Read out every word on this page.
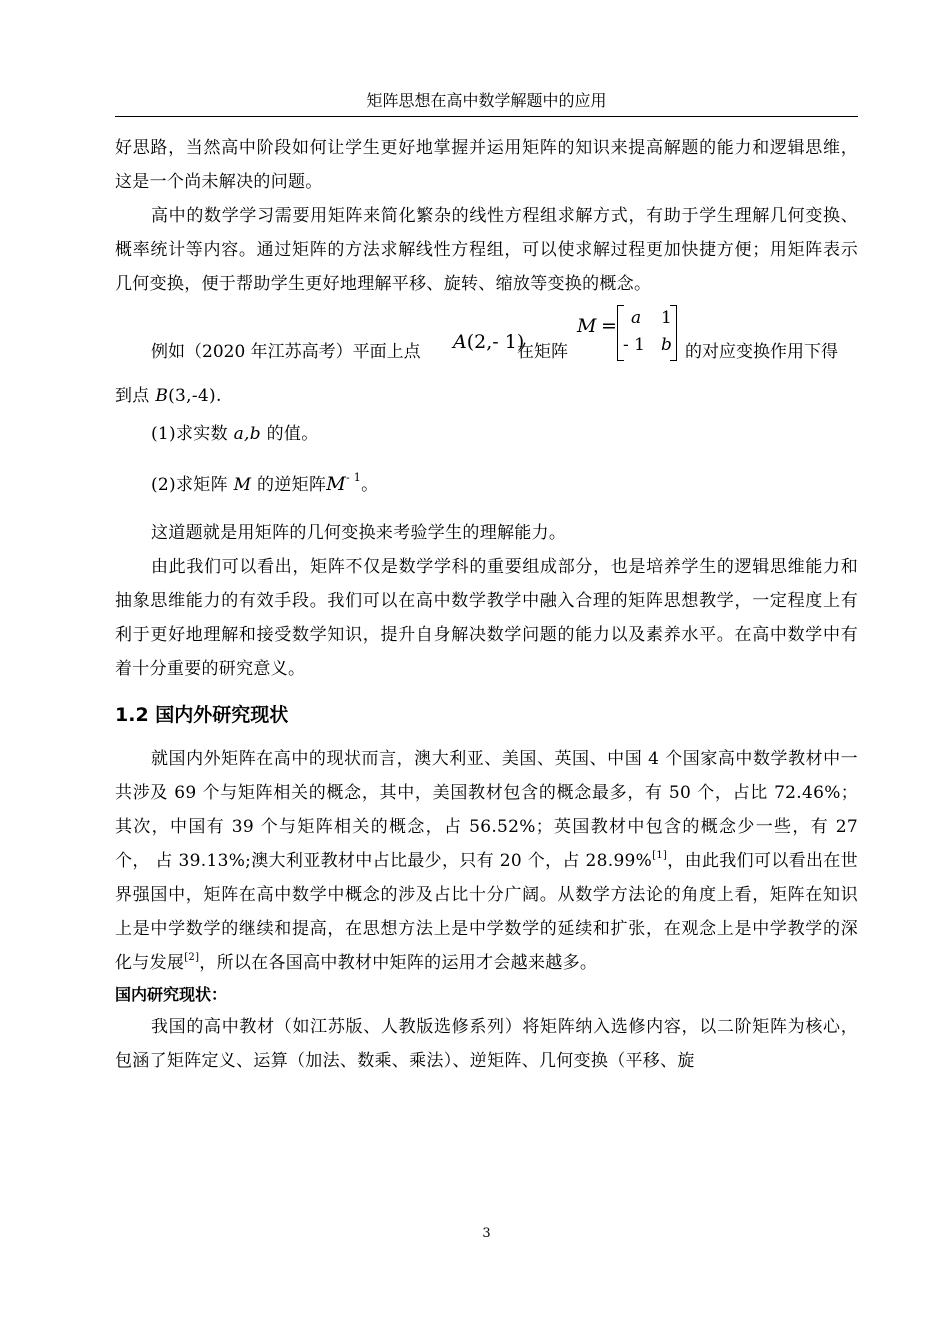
矩阵思想在高中数学解题中的应用

好思路，当然高中阶段如何让学生更好地掌握并运用矩阵的知识来提高解题的能力和逻辑思维，这是一个尚未解决的问题。

高中的数学学习需要用矩阵来简化繁杂的线性方程组求解方式，有助于学生理解几何变换、概率统计等内容。通过矩阵的方法求解线性方程组，可以使求解过程更加快捷方便；用矩阵表示几何变换，便于帮助学生更好地理解平移、旋转、缩放等变换的概念。

例如（2020 年江苏高考）平面上点 A(2,- 1)
在矩阵
M = a 1
- 1 b 的对应变换作用下得

到点 B(3,-4).

(1)求实数 a,b 的值。

(2)求矩阵 M 的逆矩阵$M^{- 1}$。

这道题就是用矩阵的几何变换来考验学生的理解能力。

由此我们可以看出，矩阵不仅是数学学科的重要组成部分，也是培养学生的逻辑思维能力和抽象思维能力的有效手段。我们可以在高中数学教学中融入合理的矩阵思想教学，一定程度上有利于更好地理解和接受数学知识，提升自身解决数学问题的能力以及素养水平。在高中数学中有着十分重要的研究意义。

1.2 国内外研究现状

就国内外矩阵在高中的现状而言，澳大利亚、美国、英国、中国 4 个国家高中数学教材中一共涉及 69 个与矩阵相关的概念，其中，美国教材包含的概念最多，有 50 个，占比 72.46%；其次，中国有 39 个与矩阵相关的概念，占 56.52%；英国教材中包含的概念少一些，有 27 个， 占 39.13%;澳大利亚教材中占比最少，只有 20 个，占 28.99%[1]，由此我们可以看出在世界强国中，矩阵在高中数学中概念的涉及占比十分广阔。从数学方法论的角度上看，矩阵在知识上是中学数学的继续和提高，在思想方法上是中学数学的延续和扩张，在观念上是中学教学的深化与发展[2]，所以在各国高中教材中矩阵的运用才会越来越多。

国内研究现状：

我国的高中教材（如江苏版、人教版选修系列）将矩阵纳入选修内容，以二阶矩阵为核心，包涵了矩阵定义、运算（加法、数乘、乘法）、逆矩阵、几何变换（平移、旋

3
